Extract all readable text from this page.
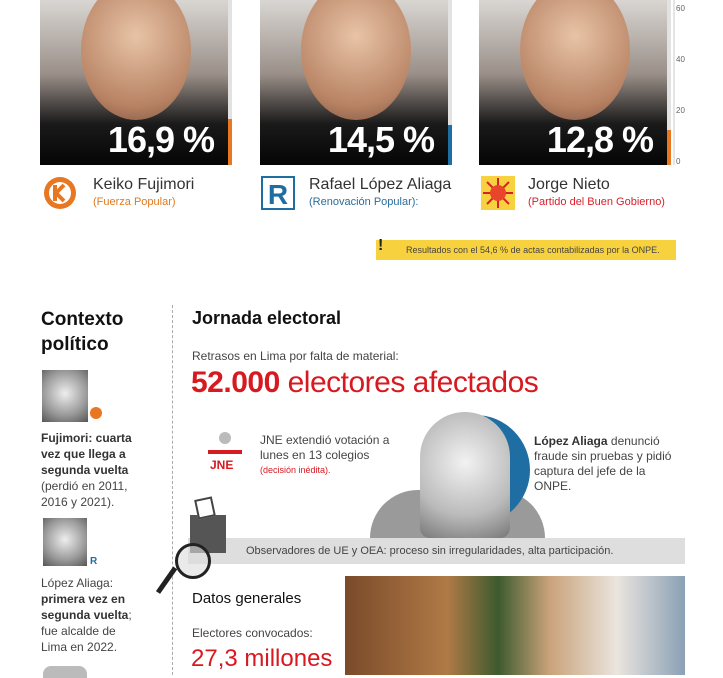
16,9 %	14,5 %	12,8 %
60
40
20
0
Keiko Fujimori
(Fuerza Popular)	R Rafael López Aliaga
(Renovación Popular):
Jorge Nieto
(Partido del Buen Gobierno)
!	Resultados con el 54,6 % de actas contabilizadas por la ONPE.
Contexto político
Fujimori: cuarta vez que llega a segunda vuelta (perdió en 2011, 2016 y 2021).
R
López Aliaga: primera vez en segunda vuelta; fue alcalde de Lima en 2022.
Jornada electoral
Retrasos en Lima por falta de material:
52.000 electores afectados
JNE
JNE extendió votación a lunes en 13 colegios
(decisión inédita).
López Aliaga denunció fraude sin pruebas y pidió captura del jefe de la ONPE.
Observadores de UE y OEA: proceso sin irregularidades, alta participación.
Datos generales
Electores convocados:
27,3 millones
